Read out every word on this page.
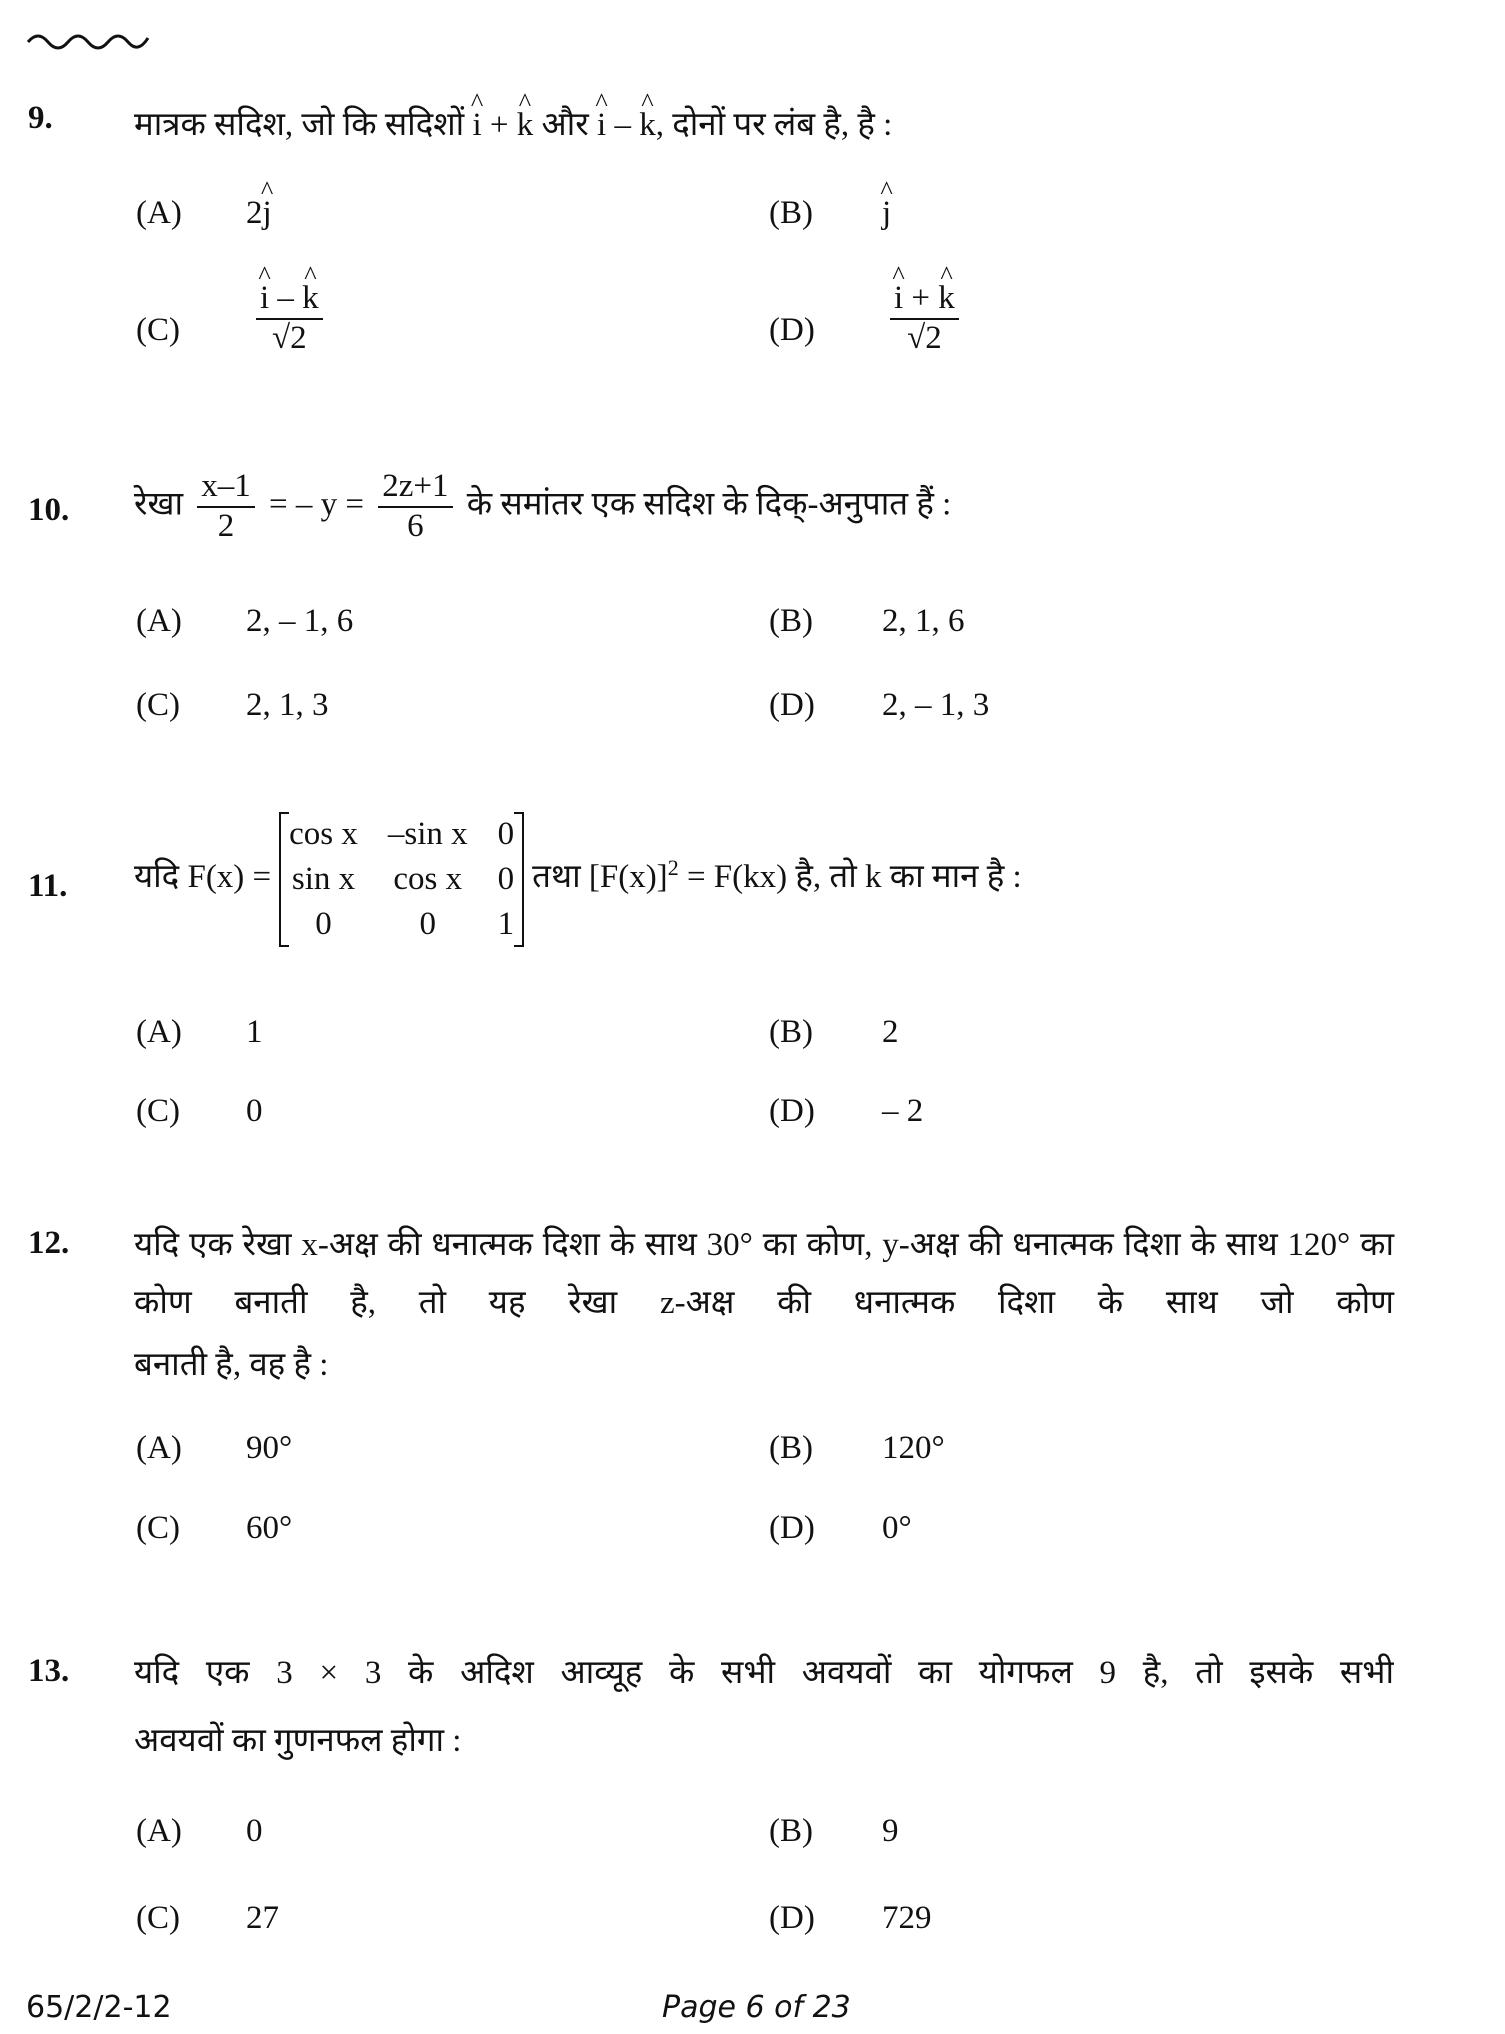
9. मात्रक सदिश, जो कि सदिशों ^ i + ^ k और ^ i – ^ k, दोनों पर लंब है, है :
(A) 2^ j	(B) ^ j
(C) ^ $\frac{i - \^{} k}{√2}$	(D) ^ $\frac{i + \^{} k}{√2}$
10. रेखा $\frac{x-1}{2}$ = – $y = \frac{2z+1}{6}$ के समांतर एक सदिश के दिक्-अनुपात हैं :
(A) 2, – 1, 6	(B) 2, 1, 6
(C) 2, 1, 3	(D) 2, – 1, 3
11. यदि F(x) =
cos x –sin x 0
sin x cos x 0
0	0	1
तथा $[F(x)]^2 = F(kx)$ है, तो k का मान है :
(A) 1	(B) 2
(C) 0	(D) – 2
12. यदि एक रेखा x-अक्ष की धनात्मक दिशा के साथ 30° का कोण, y-अक्ष की धनात्मक दिशा के साथ 120° का कोण बनाती है, तो यह रेखा z-अक्ष की धनात्मक दिशा के साथ जो कोण
बनाती है, वह है :
(A) 90°	(B) 120°
(C) 60°	(D) 0°
13. यदि एक 3 × 3 के अदिश आव्यूह के सभी अवयवों का योगफल 9 है, तो इसके सभी
अवयवों का गुणनफल होगा :
(A) 0	(B) 9
(C) 27	(D) 729
65/2/2-12	Page 6 of 23
